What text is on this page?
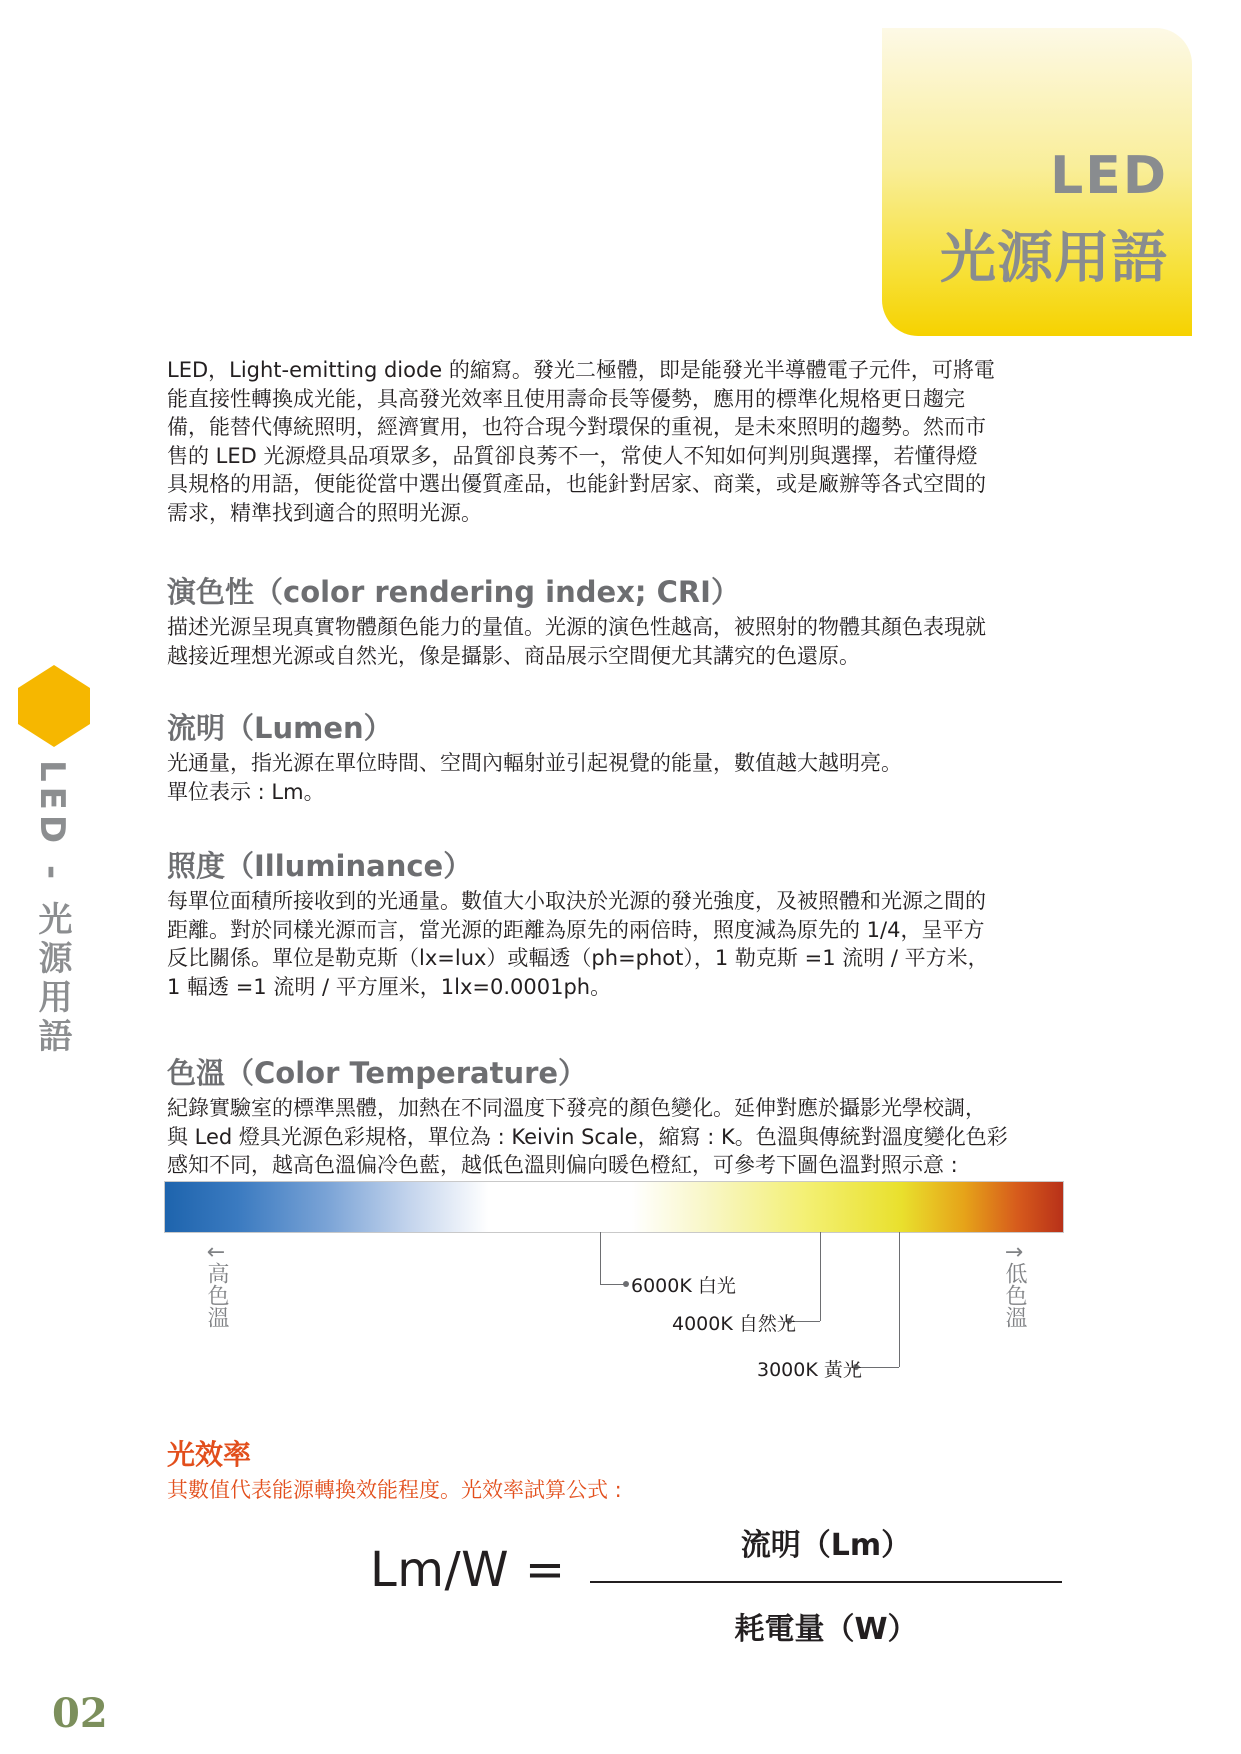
LED
光源用語
LED - 光源用語

LED，Light-emitting diode 的縮寫。發光二極體，即是能發光半導體電子元件，可將電

能直接性轉換成光能，具高發光效率且使用壽命長等優勢，應用的標準化規格更日趨完

備，能替代傳統照明，經濟實用，也符合現今對環保的重視，是未來照明的趨勢。然而市

售的 LED 光源燈具品項眾多，品質卻良莠不一，常使人不知如何判別與選擇，若懂得燈

具規格的用語，便能從當中選出優質產品，也能針對居家、商業，或是廠辦等各式空間的

需求，精準找到適合的照明光源。

演色性（color rendering index; CRI）

描述光源呈現真實物體顏色能力的量值。光源的演色性越高，被照射的物體其顏色表現就

越接近理想光源或自然光，像是攝影、商品展示空間便尤其講究的色還原。

流明（Lumen）

光通量，指光源在單位時間、空間內輻射並引起視覺的能量，數值越大越明亮。

單位表示 : Lm。

照度（Illuminance）

每單位面積所接收到的光通量。數值大小取決於光源的發光強度，及被照體和光源之間的

距離。對於同樣光源而言，當光源的距離為原先的兩倍時，照度減為原先的 1/4，呈平方

反比關係。單位是勒克斯（lx=lux）或輻透（ph=phot），1 勒克斯 =1 流明 / 平方米，

1 輻透 =1 流明 / 平方厘米，1lx=0.0001ph。

色溫（Color Temperature）

紀錄實驗室的標準黑體，加熱在不同溫度下發亮的顏色變化。延伸對應於攝影光學校調，

與 Led 燈具光源色彩規格，單位為 : Keivin Scale，縮寫 : K。色溫與傳統對溫度變化色彩

感知不同，越高色溫偏冷色藍，越低色溫則偏向暖色橙紅，可參考下圖色溫對照示意 :

←
高色溫
→
低色溫
6000K 白光
4000K 自然光
3000K 黃光
光效率

其數值代表能源轉換效能程度。光效率試算公式 :

Lm/W =	流明（Lm）
耗電量（W）
02
